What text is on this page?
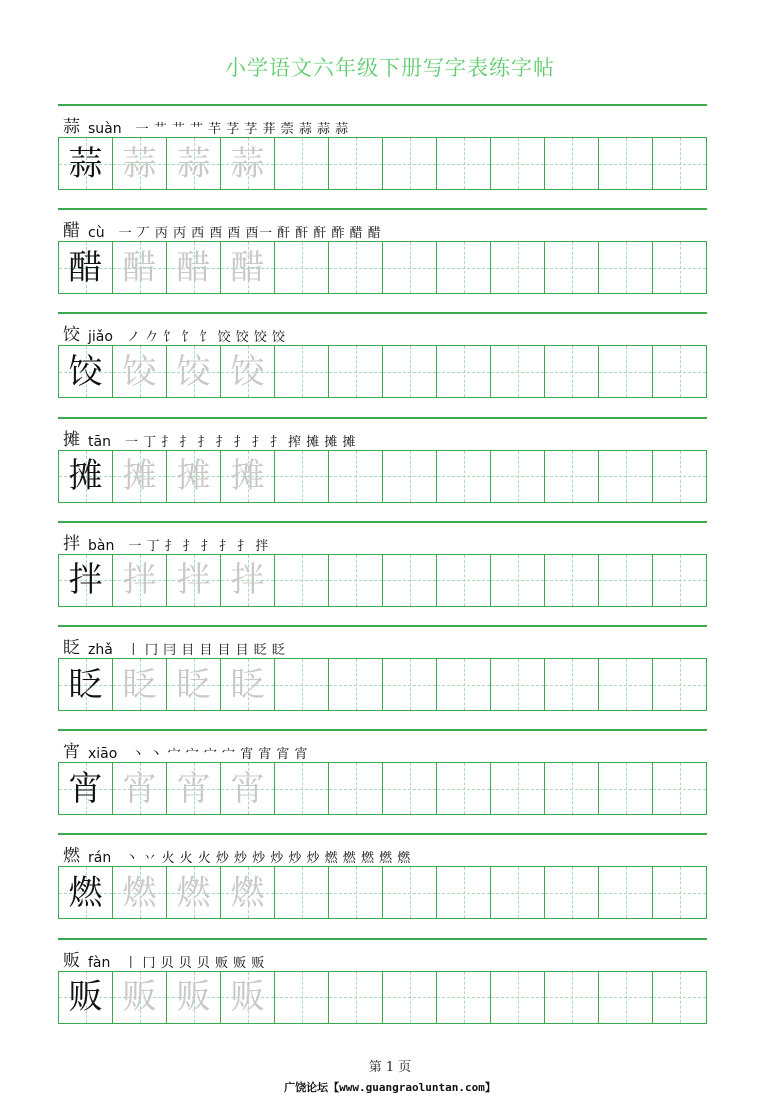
小学语文六年级下册写字表练字帖
蒜 suàn 一 ⺾ ⺾ 艹 芉 芓 芓 荓 萗 蒜 蒜 蒜
蒜 蒜 蒜 蒜
醋 cù 一 丆 丙 丙 西 酉 酉 酉一 酐 酐 酐 酢 醋 醋
醋 醋 醋 醋
饺 jiǎo ノ 𠂊 饣 饣 饣 饺 饺 饺 饺
饺 饺 饺 饺
摊 tān 一 丁 扌 扌 扌 扌 扌 扌 扌 搾 摊 摊 摊
摊 摊 摊 摊
拌 bàn 一 丁 扌 扌 扌 扌 扌 拌
拌 拌 拌 拌
眨 zhǎ 丨 冂 冃 目 目 目 目 眨 眨
眨 眨 眨 眨
宵 xiāo 丶 丶 宀 宀 宀 宀 宵 宵 宵 宵
宵 宵 宵 宵
燃 rán 丶 丷 火 火 火 炒 炒 炒 炒 炒 炒 燃 燃 燃 燃 燃
燃 燃 燃 燃
贩 fàn 丨 冂 贝 贝 贝 贩 贩 贩
贩 贩 贩 贩
第 1 页
广饶论坛【www.guangraoluntan.com】
